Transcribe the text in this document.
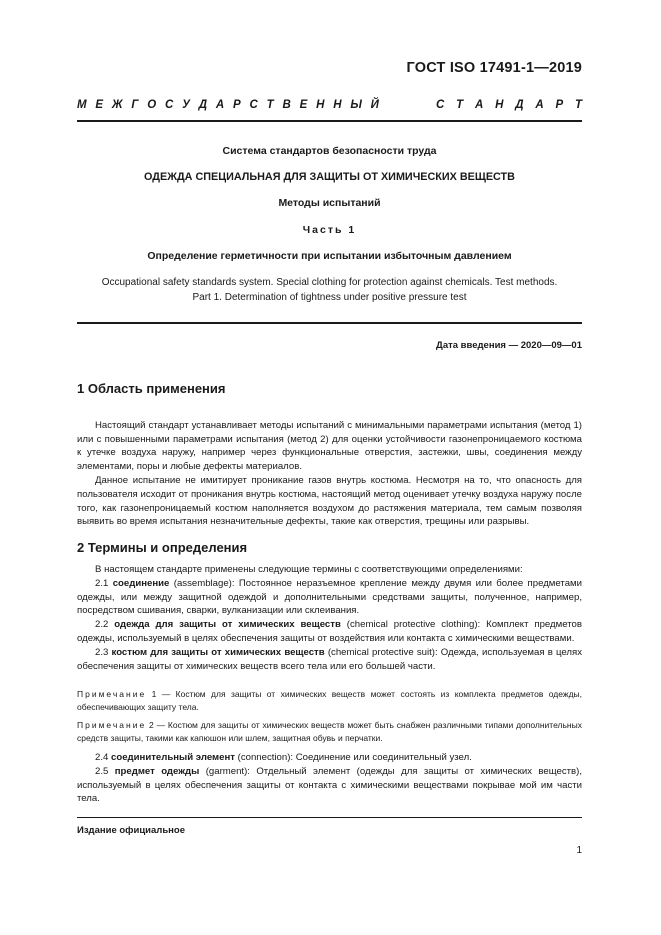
ГОСТ ISO 17491-1—2019
М Е Ж Г О С У Д А Р С Т В Е Н Н Ы Й	С Т А Н Д А Р Т
Система стандартов безопасности труда
ОДЕЖДА СПЕЦИАЛЬНАЯ ДЛЯ ЗАЩИТЫ ОТ ХИМИЧЕСКИХ ВЕЩЕСТВ
Методы испытаний
Часть 1
Определение герметичности при испытании избыточным давлением
Occupational safety standards system. Special clothing for protection against chemicals. Test methods.
Part 1. Determination of tightness under positive pressure test
Дата введения — 2020—09—01
1 Область применения

Настоящий стандарт устанавливает методы испытаний с минимальными параметрами испытания (метод 1) или с повышенными параметрами испытания (метод 2) для оценки устойчивости газонепроницаемого костюма к утечке воздуха наружу, например через функциональные отверстия, застежки, швы, соединения между элементами, поры и любые дефекты материалов.

Данное испытание не имитирует проникание газов внутрь костюма. Несмотря на то, что опасность для пользователя исходит от проникания внутрь костюма, настоящий метод оценивает утечку воздуха наружу после того, как газонепроницаемый костюм наполняется воздухом до растяжения материала, тем самым позволяя выявить во время испытания незначительные дефекты, такие как отверстия, трещины или разрывы.

2 Термины и определения

В настоящем стандарте применены следующие термины с соответствующими определениями:

2.1 соединение (assemblage): Постоянное неразъемное крепление между двумя или более предметами одежды, или между защитной одеждой и дополнительными средствами защиты, полученное, например, посредством сшивания, сварки, вулканизации или склеивания.

2.2 одежда для защиты от химических веществ (chemical protective clothing): Комплект предметов одежды, используемый в целях обеспечения защиты от воздействия или контакта с химическими веществами.

2.3 костюм для защиты от химических веществ (chemical protective suit): Одежда, используемая в целях обеспечения защиты от химических веществ всего тела или его большей части.

Примечание 1 — Костюм для защиты от химических веществ может состоять из комплекта предметов одежды, обеспечивающих защиту тела.

Примечание 2 — Костюм для защиты от химических веществ может быть снабжен различными типами дополнительных средств защиты, такими как капюшон или шлем, защитная обувь и перчатки.

2.4 соединительный элемент (connection): Соединение или соединительный узел.

2.5 предмет одежды (garment): Отдельный элемент (одежды для защиты от химических веществ), используемый в целях обеспечения защиты от контакта с химическими веществами покрывае мой им части тела.

Издание официальное
1
